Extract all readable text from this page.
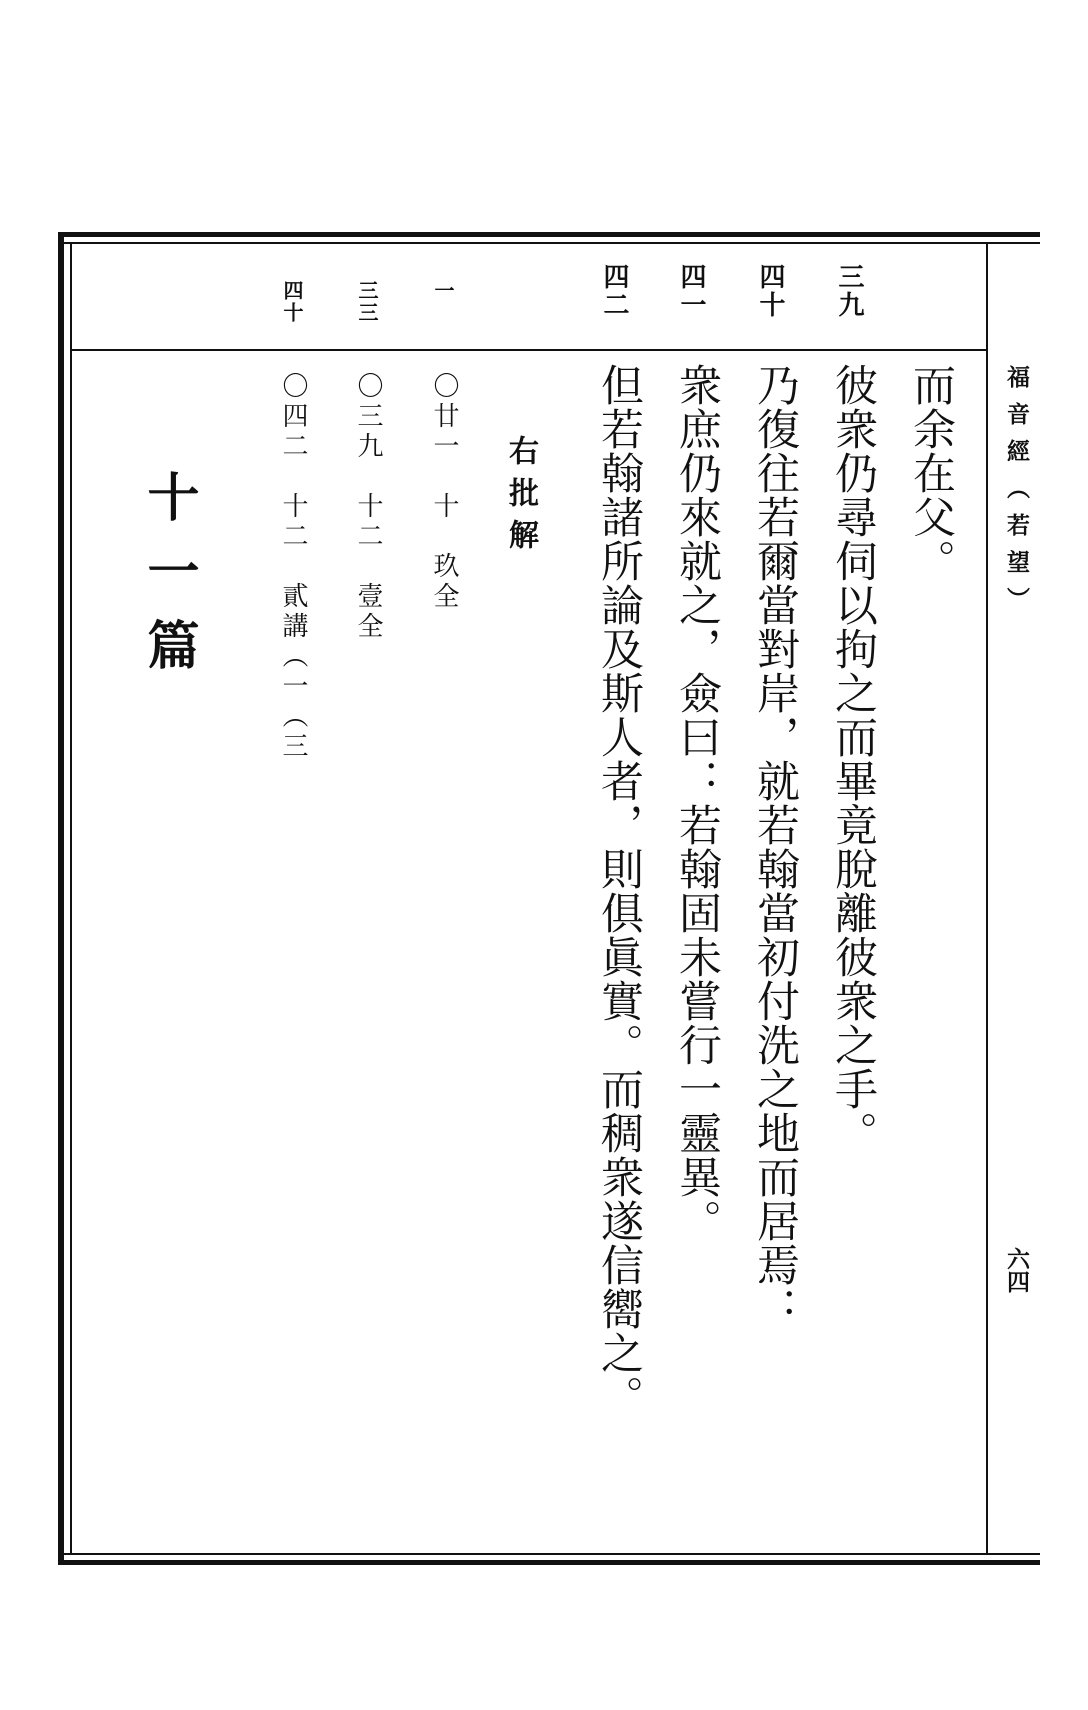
福音經（若望）
六四
三九
四十
四一
四二
而余在父。
彼衆仍尋伺以拘之而畢竟脫離彼衆之手。
乃復往若爾當對岸，就若翰當初付洗之地而居焉：
衆庶仍來就之，僉曰：若翰固未嘗行一靈異。
但若翰諸所論及斯人者，則俱眞實。而稠衆遂信嚮之。
右批解
一
〇廿一　十　玖全
三三
〇三九　十二　壹全
四十
〇四二　十二　貳講（一（三
十一篇
